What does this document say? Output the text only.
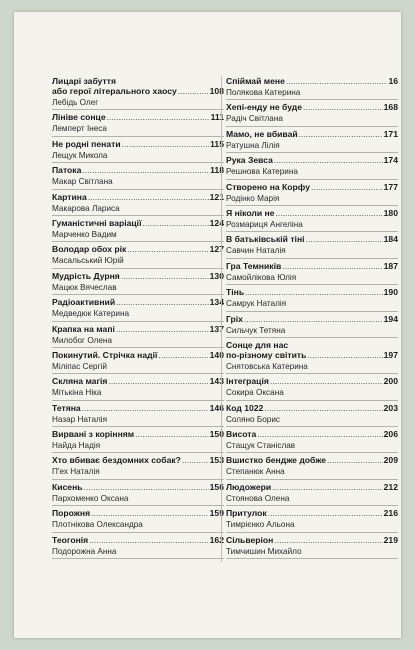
Лицарі забуття
або герої літерального хаосу .....	108
Лебідь Олег
Лініве сонце .....	111
Лемперт Інеса
Не родні пенати .....	115
Лещук Микола
Патока .....	118
Макар Світлана
Картина .....	121
Макарова Лариса
Гуманістичні варіації .....	124
Марченко Вадим
Володар обох рік .....	127
Масальський Юрій
Мудрість Дурня .....	130
Мацюк Вячеслав
Радіоактивний .....	134
Медведюк Катерина
Крапка на мапі .....	137
Милобог Олена
Покинутий. Стрічка надії .....	140
Міліпас Сергій
Скляна магія .....	143
Мітькіна Ніка
Тетяна .....	146
Назар Наталія
Вирвані з корінням .....	150
Найда Надія
Хто вбиває бездомних собак? .....	153
П'ех Наталія
Кисень .....	156
Пархоменко Оксана
Порожня .....	159
Плотнікова Олександра
Теогонія .....	162
Подорожна Анна
Спіймай мене .....	16
Полякова Катерина
Хепі-енду не буде .....	168
Радіч Світлана
Мамо, не вбивай .....	171
Ратушна Лілія
Рука Зевса .....	174
Решнова Катерина
Створено на Корфу .....	177
Родінко Марія
Я ніколи не .....	180
Розмариця Ангеліна
В батьківській тіні .....	184
Савчин Наталія
Гра Темників .....	187
Самойлікова Юлія
Тінь .....	190
Самрук Наталія
Гріх .....	194
Сильчук Тетяна
Сонце для нас
по-різному світить .....	197
Снятовська Катерина
Інтеграція .....	200
Сокира Оксана
Код 1022 .....	203
Соляно Борис
Висота .....	206
Стащук Станіслав
Вшистко бендже добже .....	209
Степанюк Анна
Людожери .....	212
Стоянова Олена
Притулок .....	216
Тимрієнко Альона
Сільверіон .....	219
Тимчишин Михайло
